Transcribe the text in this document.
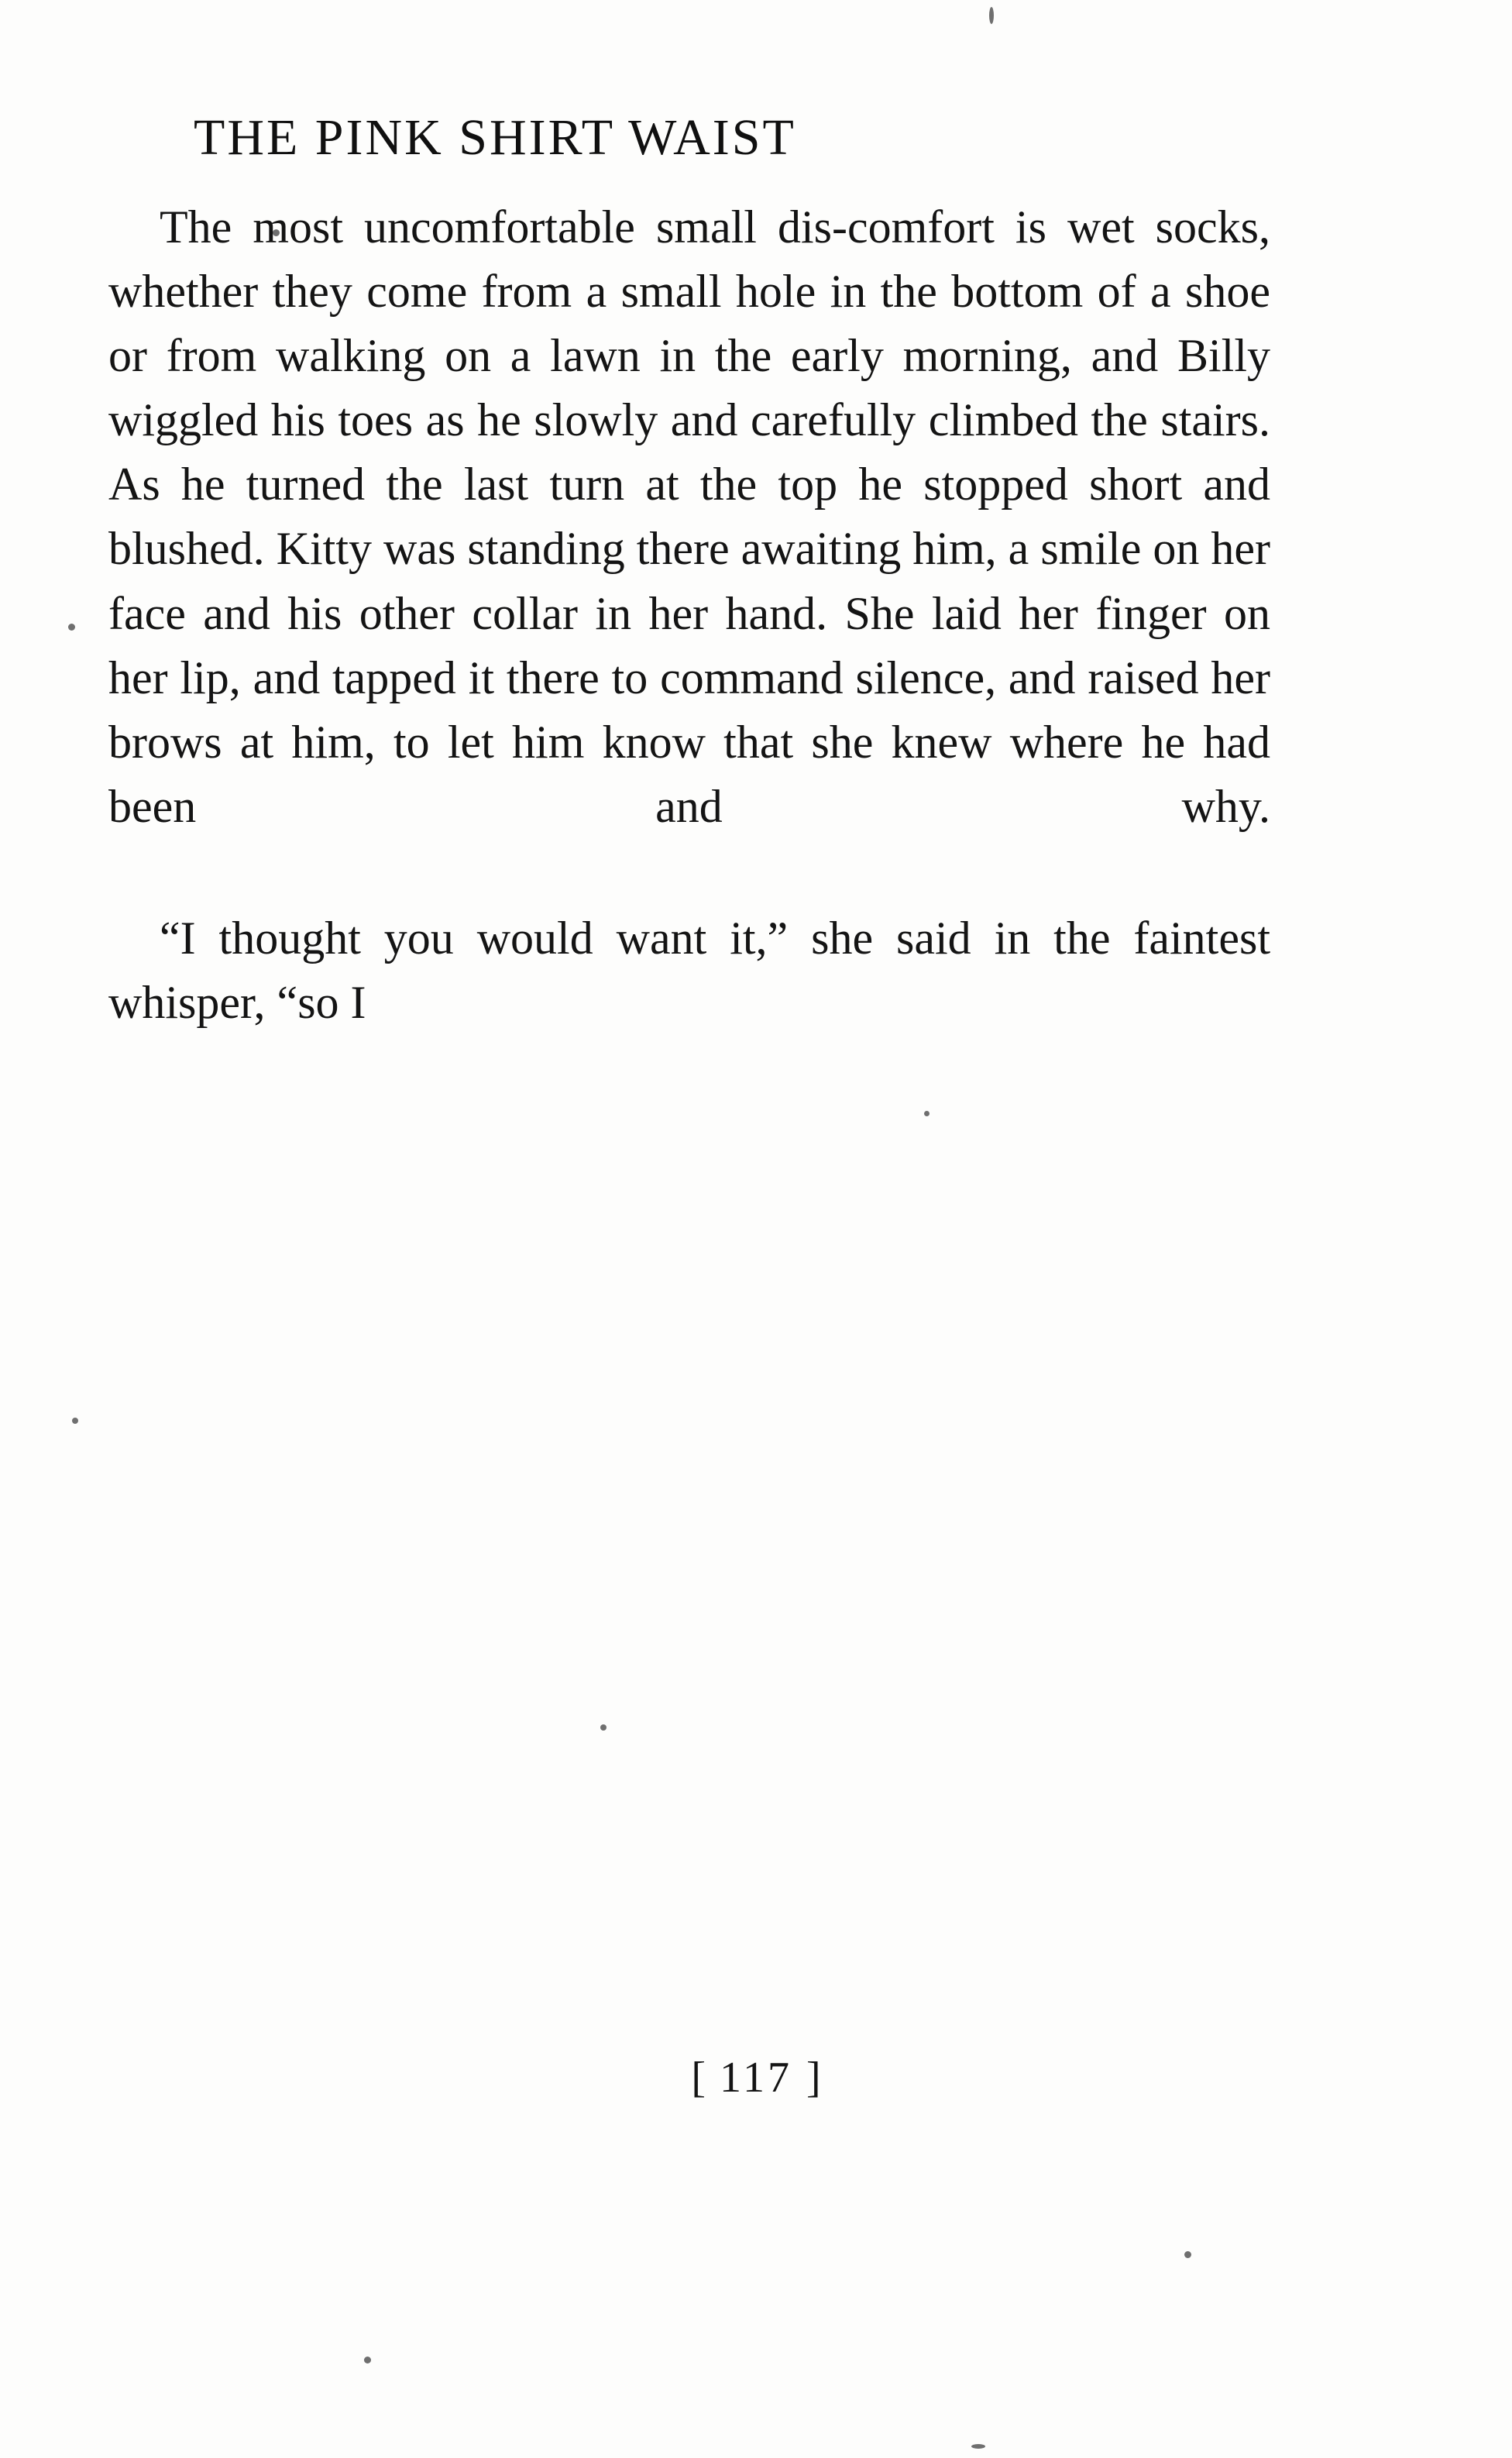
THE PINK SHIRT WAIST

The most uncomfortable small dis-comfort is wet socks, whether they come from a small hole in the bottom of a shoe or from walking on a lawn in the early morning, and Billy wiggled his toes as he slowly and carefully climbed the stairs. As he turned the last turn at the top he stopped short and blushed. Kitty was standing there awaiting him, a smile on her face and his other collar in her hand. She laid her finger on her lip, and tapped it there to command silence, and raised her brows at him, to let him know that she knew where he had been and why.

“I thought you would want it,” she said in the faintest whisper, “so I

[ 117 ]
